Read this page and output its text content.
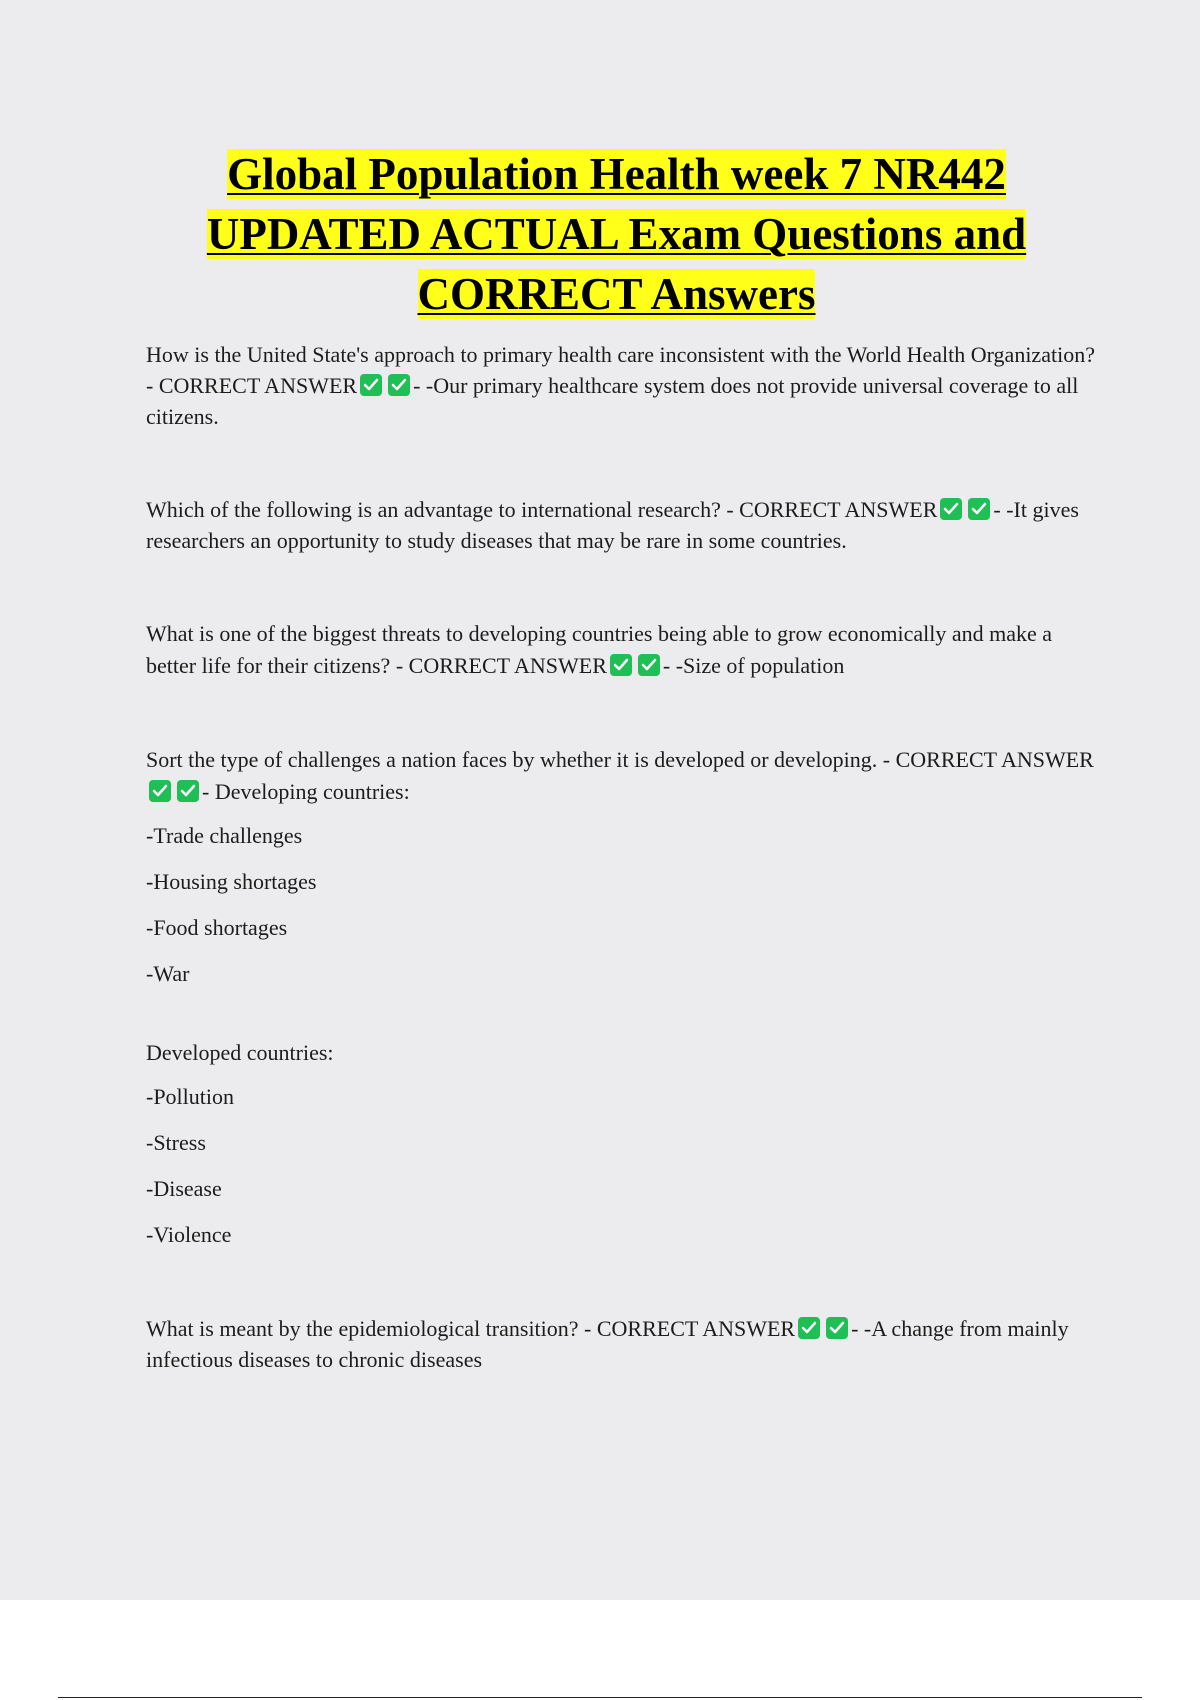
Global Population Health week 7 NR442 UPDATED ACTUAL Exam Questions and CORRECT Answers

How is the United State's approach to primary health care inconsistent with the World Health Organization? - CORRECT ANSWER	- -Our primary healthcare system does not provide universal coverage to all citizens.

Which of the following is an advantage to international research? - CORRECT ANSWER	- -It gives researchers an opportunity to study diseases that may be rare in some countries.

What is one of the biggest threats to developing countries being able to grow economically and make a better life for their citizens? - CORRECT ANSWER	- -Size of population

Sort the type of challenges a nation faces by whether it is developed or developing. - CORRECT ANSWER
- Developing countries:

-Trade challenges
-Housing shortages
-Food shortages
-War
Developed countries:
-Pollution
-Stress
-Disease
-Violence

What is meant by the epidemiological transition? - CORRECT ANSWER	- -A change from mainly infectious diseases to chronic diseases
